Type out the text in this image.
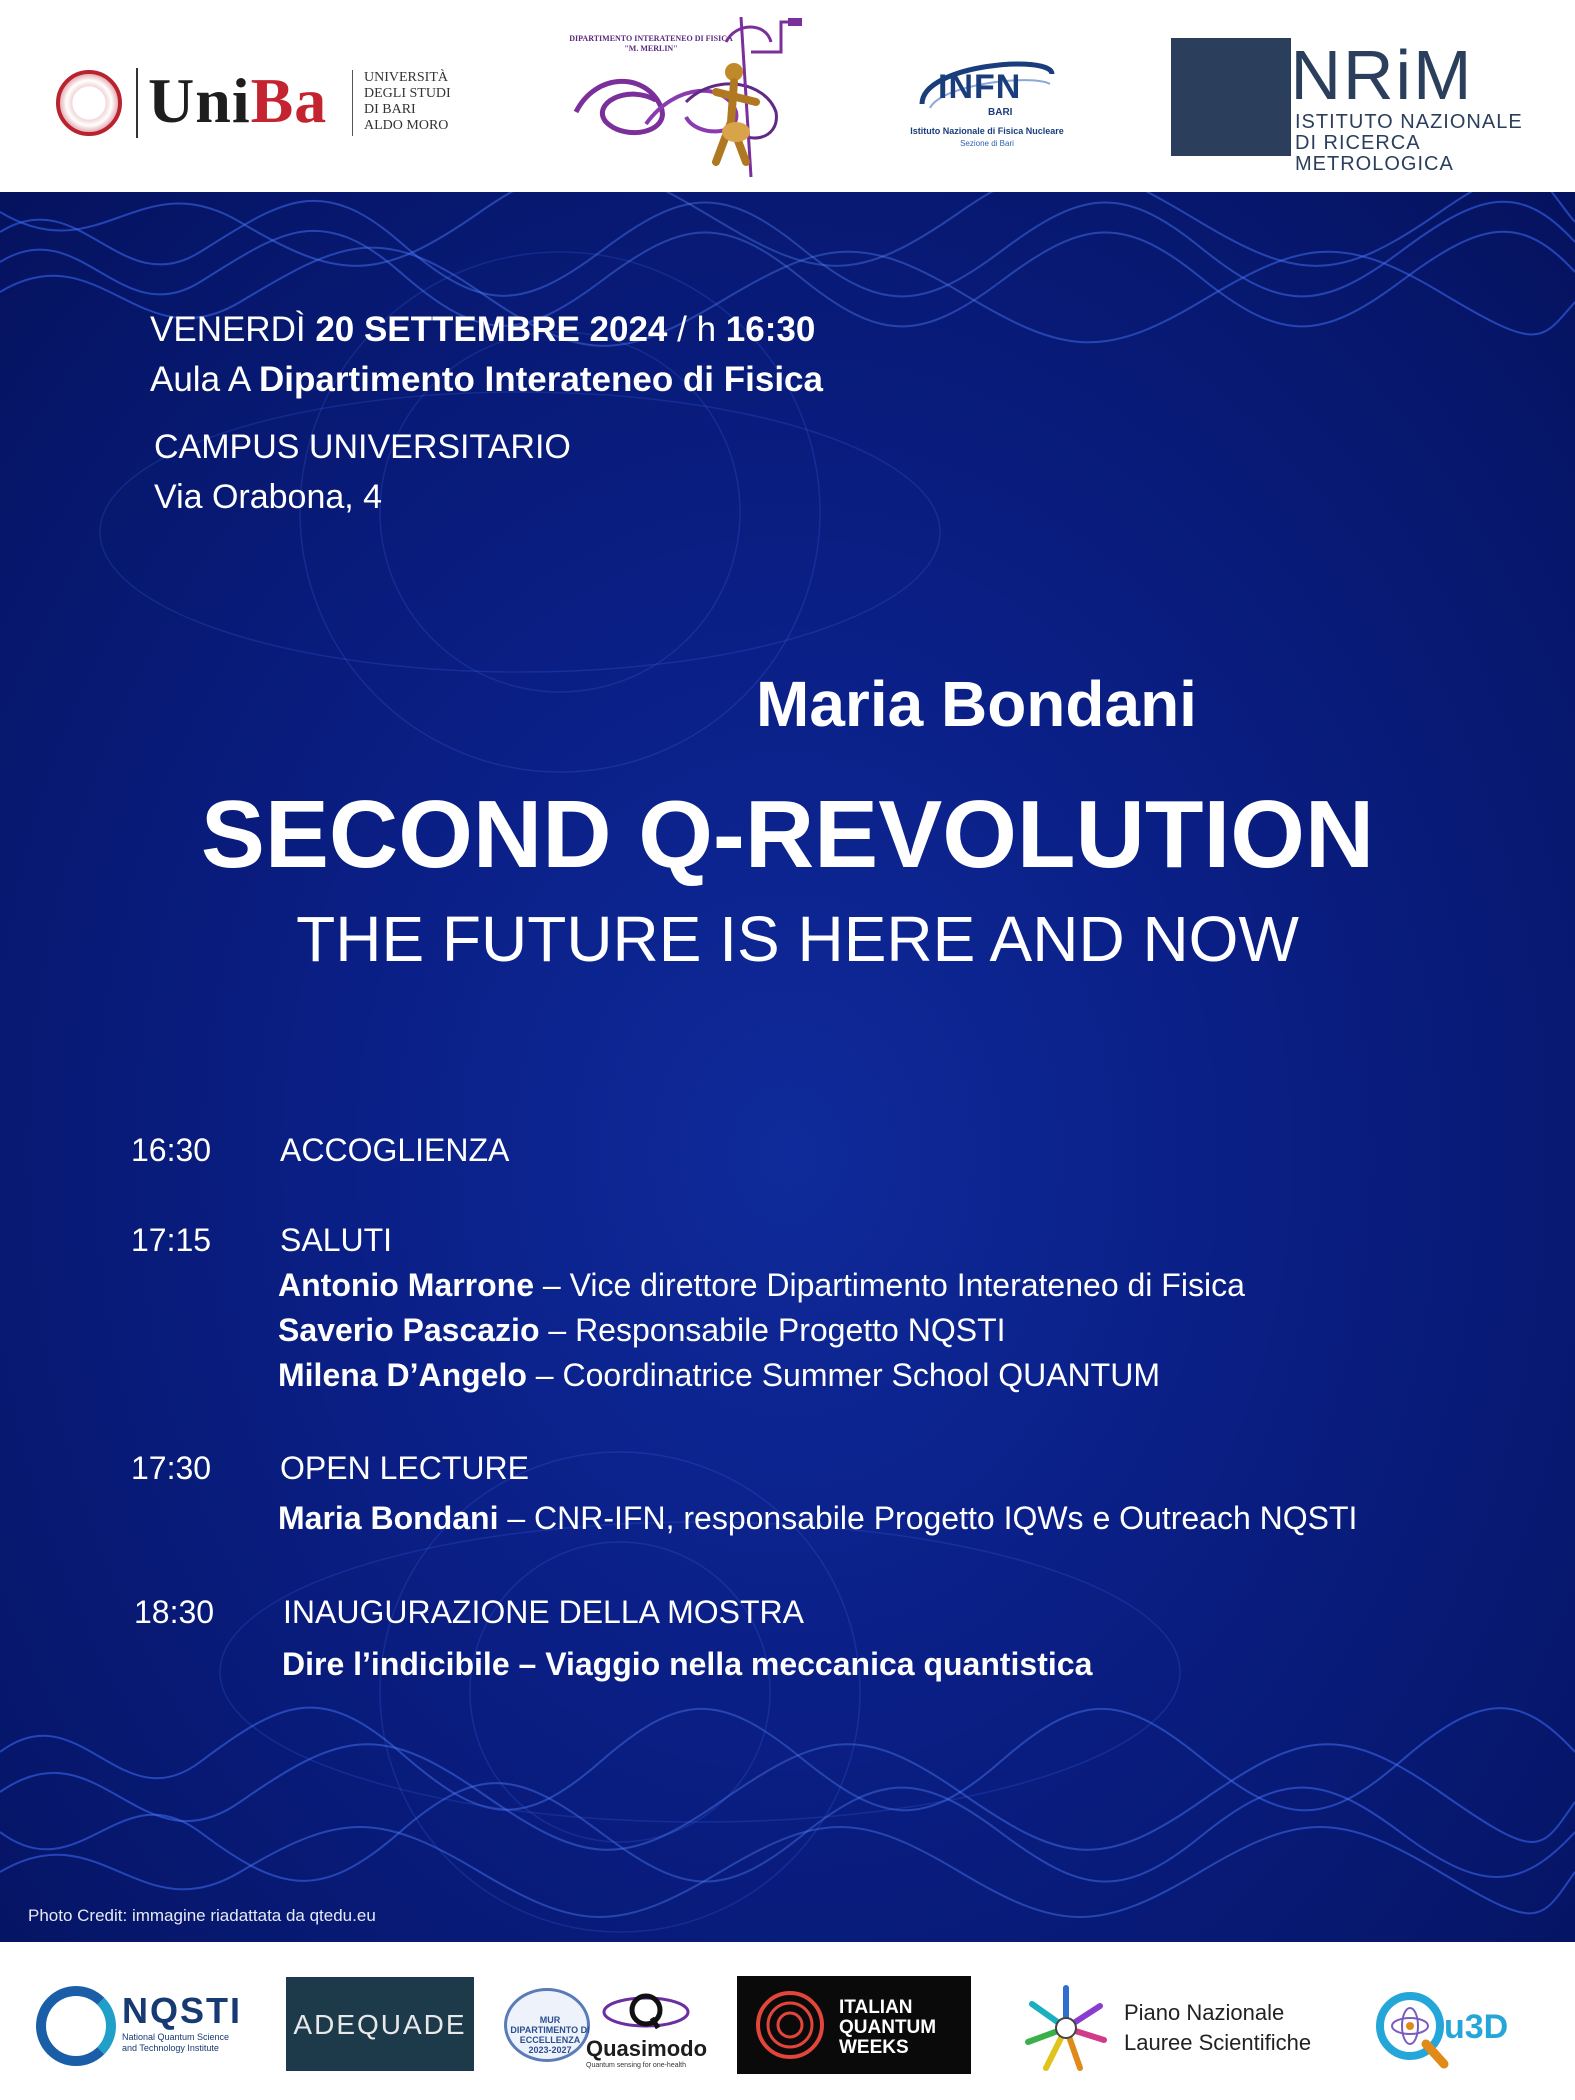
UniBa	UNIVERSITÀ
DEGLI STUDI
DI BARI
ALDO MORO
DIPARTIMENTO INTERATENEO DI FISICA
"M. MERLIN"
INFN
BARI
Istituto Nazionale di Fisica Nucleare
Sezione di Bari
INRiM
ISTITUTO NAZIONALE
DI RICERCA METROLOGICA
VENERDÌ 20 SETTEMBRE 2024 / h 16:30
Aula A Dipartimento Interateneo di Fisica
CAMPUS UNIVERSITARIO
Via Orabona, 4
Maria Bondani
SECOND Q-REVOLUTION
THE FUTURE IS HERE AND NOW
16:30 ACCOGLIENZA
17:15 SALUTI
Antonio Marrone – Vice direttore Dipartimento Interateneo di Fisica
Saverio Pascazio – Responsabile Progetto NQSTI
Milena D’Angelo – Coordinatrice Summer School QUANTUM
17:30 OPEN LECTURE
Maria Bondani – CNR-IFN, responsabile Progetto IQWs e Outreach NQSTI
18:30 INAUGURAZIONE DELLA MOSTRA
Dire l’indicibile – Viaggio nella meccanica quantistica
Photo Credit: immagine riadattata da qtedu.eu
NQSTI
National Quantum Science
and Technology Institute
ADEQUADE	MUR DIPARTIMENTO DI ECCELLENZA 2023-2027 Quasimodo
Quantum sensing for one-health
ITALIAN
QUANTUM
WEEKS
Piano Nazionale
Lauree Scientifiche	u3D
